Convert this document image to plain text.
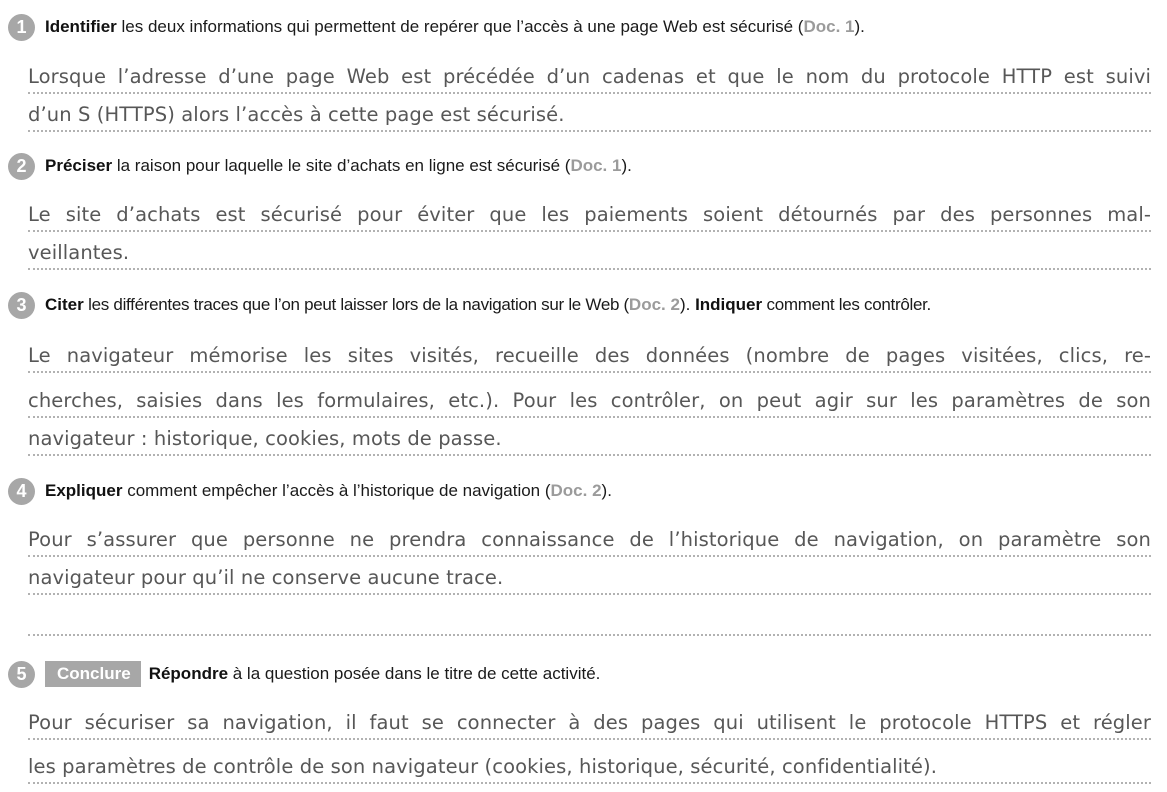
1	Identifier les deux informations qui permettent de repérer que l’accès à une page Web est sécurisé ( Doc. 1 ).
Lorsque l’adresse d’une page Web est précédée d’un cadenas et que le nom du protocole HTTP est suivi
d’un S (HTTPS) alors l’accès à cette page est sécurisé.
2	Préciser la raison pour laquelle le site d’achats en ligne est sécurisé ( Doc. 1 ).
Le site d’achats est sécurisé pour éviter que les paiements soient détournés par des personnes mal-
veillantes.
3	Citer les différentes traces que l’on peut laisser lors de la navigation sur le Web ( Doc. 2 ). Indiquer comment les contrôler.
Le navigateur mémorise les sites visités, recueille des données (nombre de pages visitées, clics, re-
cherches, saisies dans les formulaires, etc.). Pour les contrôler, on peut agir sur les paramètres de son
navigateur : historique, cookies, mots de passe.
4	Expliquer comment empêcher l’accès à l’historique de navigation ( Doc. 2 ).
Pour s’assurer que personne ne prendra connaissance de l’historique de navigation, on paramètre son
navigateur pour qu’il ne conserve aucune trace.
5	Conclure	Répondre à la question posée dans le titre de cette activité.
Pour sécuriser sa navigation, il faut se connecter à des pages qui utilisent le protocole HTTPS et régler
les paramètres de contrôle de son navigateur (cookies, historique, sécurité, confidentialité).
